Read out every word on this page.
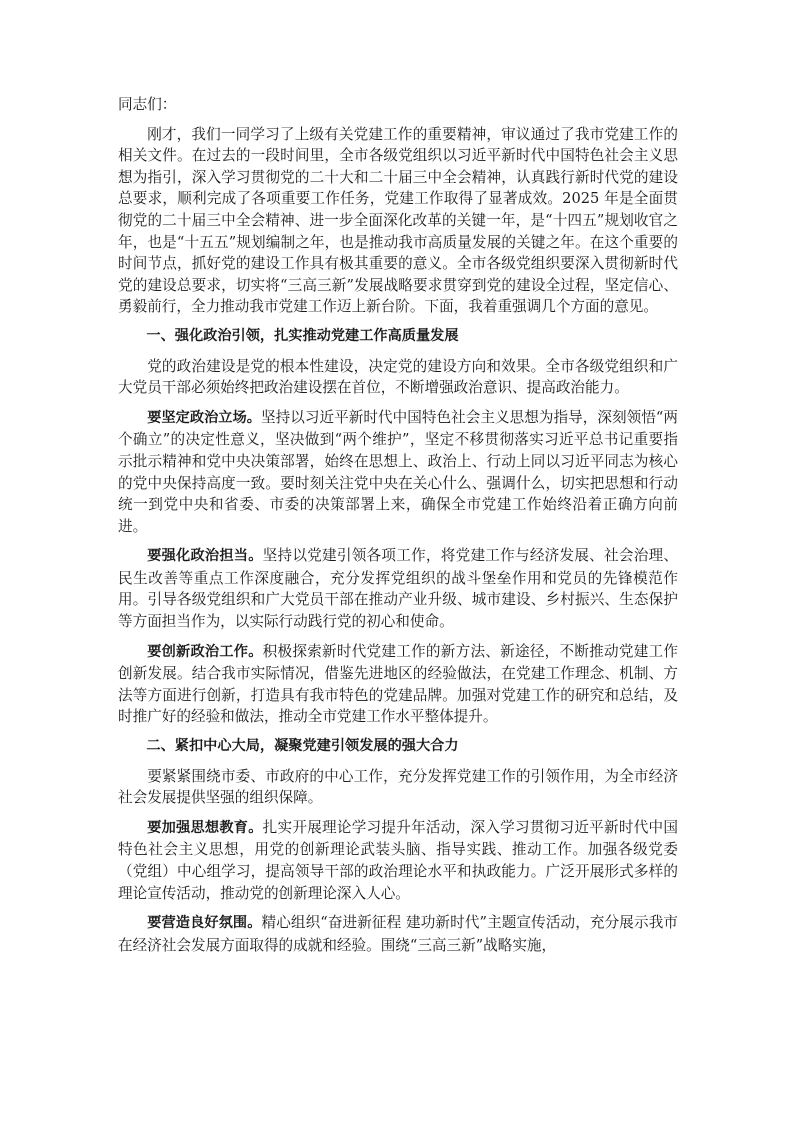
同志们：

刚才，我们一同学习了上级有关党建工作的重要精神，审议通过了我市党建工作的相关文件。在过去的一段时间里，全市各级党组织以习近平新时代中国特色社会主义思想为指引，深入学习贯彻党的二十大和二十届三中全会精神，认真践行新时代党的建设总要求，顺利完成了各项重要工作任务，党建工作取得了显著成效。2025 年是全面贯彻党的二十届三中全会精神、进一步全面深化改革的关键一年，是“十四五”规划收官之年，也是“十五五”规划编制之年，也是推动我市高质量发展的关键之年。在这个重要的时间节点，抓好党的建设工作具有极其重要的意义。全市各级党组织要深入贯彻新时代党的建设总要求，切实将“三高三新”发展战略要求贯穿到党的建设全过程，坚定信心、勇毅前行，全力推动我市党建工作迈上新台阶。下面，我着重强调几个方面的意见。

一、强化政治引领，扎实推动党建工作高质量发展

党的政治建设是党的根本性建设，决定党的建设方向和效果。全市各级党组织和广大党员干部必须始终把政治建设摆在首位，不断增强政治意识、提高政治能力。

要坚定政治立场。坚持以习近平新时代中国特色社会主义思想为指导，深刻领悟“两个确立”的决定性意义，坚决做到“两个维护”，坚定不移贯彻落实习近平总书记重要指示批示精神和党中央决策部署，始终在思想上、政治上、行动上同以习近平同志为核心的党中央保持高度一致。要时刻关注党中央在关心什么、强调什么，切实把思想和行动统一到党中央和省委、市委的决策部署上来，确保全市党建工作始终沿着正确方向前进。

要强化政治担当。坚持以党建引领各项工作，将党建工作与经济发展、社会治理、民生改善等重点工作深度融合，充分发挥党组织的战斗堡垒作用和党员的先锋模范作用。引导各级党组织和广大党员干部在推动产业升级、城市建设、乡村振兴、生态保护等方面担当作为，以实际行动践行党的初心和使命。

要创新政治工作。积极探索新时代党建工作的新方法、新途径，不断推动党建工作创新发展。结合我市实际情况，借鉴先进地区的经验做法，在党建工作理念、机制、方法等方面进行创新，打造具有我市特色的党建品牌。加强对党建工作的研究和总结，及时推广好的经验和做法，推动全市党建工作水平整体提升。

二、紧扣中心大局，凝聚党建引领发展的强大合力

要紧紧围绕市委、市政府的中心工作，充分发挥党建工作的引领作用，为全市经济社会发展提供坚强的组织保障。

要加强思想教育。扎实开展理论学习提升年活动，深入学习贯彻习近平新时代中国特色社会主义思想，用党的创新理论武装头脑、指导实践、推动工作。加强各级党委（党组）中心组学习，提高领导干部的政治理论水平和执政能力。广泛开展形式多样的理论宣传活动，推动党的创新理论深入人心。

要营造良好氛围。精心组织“奋进新征程 建功新时代”主题宣传活动，充分展示我市在经济社会发展方面取得的成就和经验。围绕“三高三新”战略实施，
